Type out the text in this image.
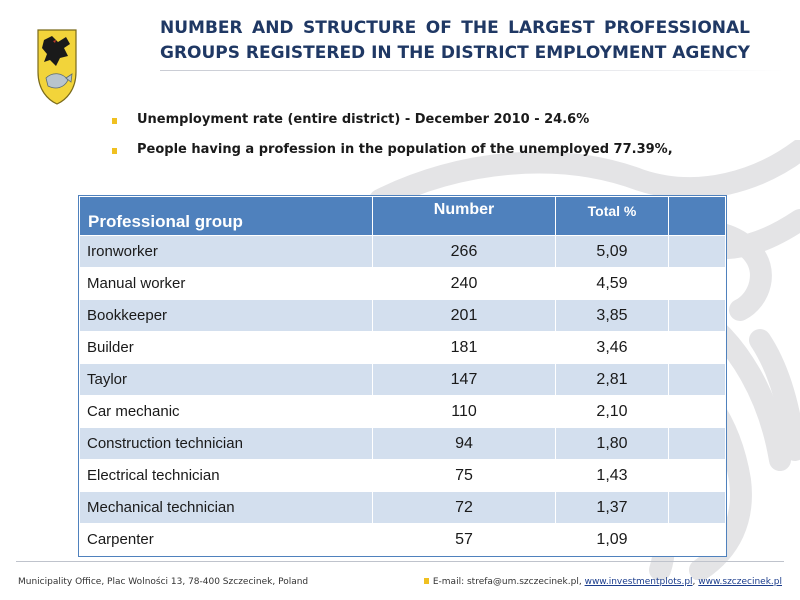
NUMBER AND STRUCTURE OF THE LARGEST PROFESSIONAL
GROUPS REGISTERED IN THE DISTRICT EMPLOYMENT AGENCY
Unemployment rate (entire district) - December 2010 - 24.6%
People having a profession in the population of the unemployed 77.39%,
Professional group	Number	Total %	
Ironworker	266	5,09	
Manual worker	240	4,59	
Bookkeeper	201	3,85	
Builder	181	3,46	
Taylor	147	2,81	
Car mechanic	110	2,10	
Construction technician	94	1,80	
Electrical technician	75	1,43	
Mechanical technician	72	1,37	
Carpenter	57	1,09	
Municipality Office, Plac Wolności 13, 78-400 Szczecinek, Poland	E-mail: strefa@um.szczecinek.pl, www.investmentplots.pl, www.szczecinek.pl
